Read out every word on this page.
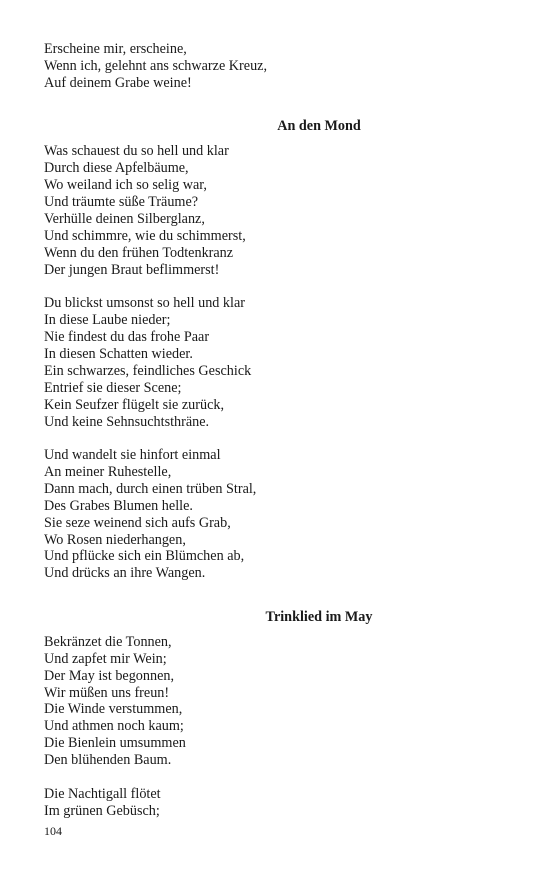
Erscheine mir, erscheine,

Wenn ich, gelehnt ans schwarze Kreuz,

Auf deinem Grabe weine!

An den Mond

Was schauest du so hell und klar

Durch diese Apfelbäume,

Wo weiland ich so selig war,

Und träumte süße Träume?

Verhülle deinen Silberglanz,

Und schimmre, wie du schimmerst,

Wenn du den frühen Todtenkranz

Der jungen Braut beflimmerst!

Du blickst umsonst so hell und klar

In diese Laube nieder;

Nie findest du das frohe Paar

In diesen Schatten wieder.

Ein schwarzes, feindliches Geschick

Entrief sie dieser Scene;

Kein Seufzer flügelt sie zurück,

Und keine Sehnsuchtsthräne.

Und wandelt sie hinfort einmal

An meiner Ruhestelle,

Dann mach, durch einen trüben Stral,

Des Grabes Blumen helle.

Sie seze weinend sich aufs Grab,

Wo Rosen niederhangen,

Und pflücke sich ein Blümchen ab,

Und drücks an ihre Wangen.

Trinklied im May

Bekränzet die Tonnen,

Und zapfet mir Wein;

Der May ist begonnen,

Wir müßen uns freun!

Die Winde verstummen,

Und athmen noch kaum;

Die Bienlein umsummen

Den blühenden Baum.

Die Nachtigall flötet

Im grünen Gebüsch;

104
